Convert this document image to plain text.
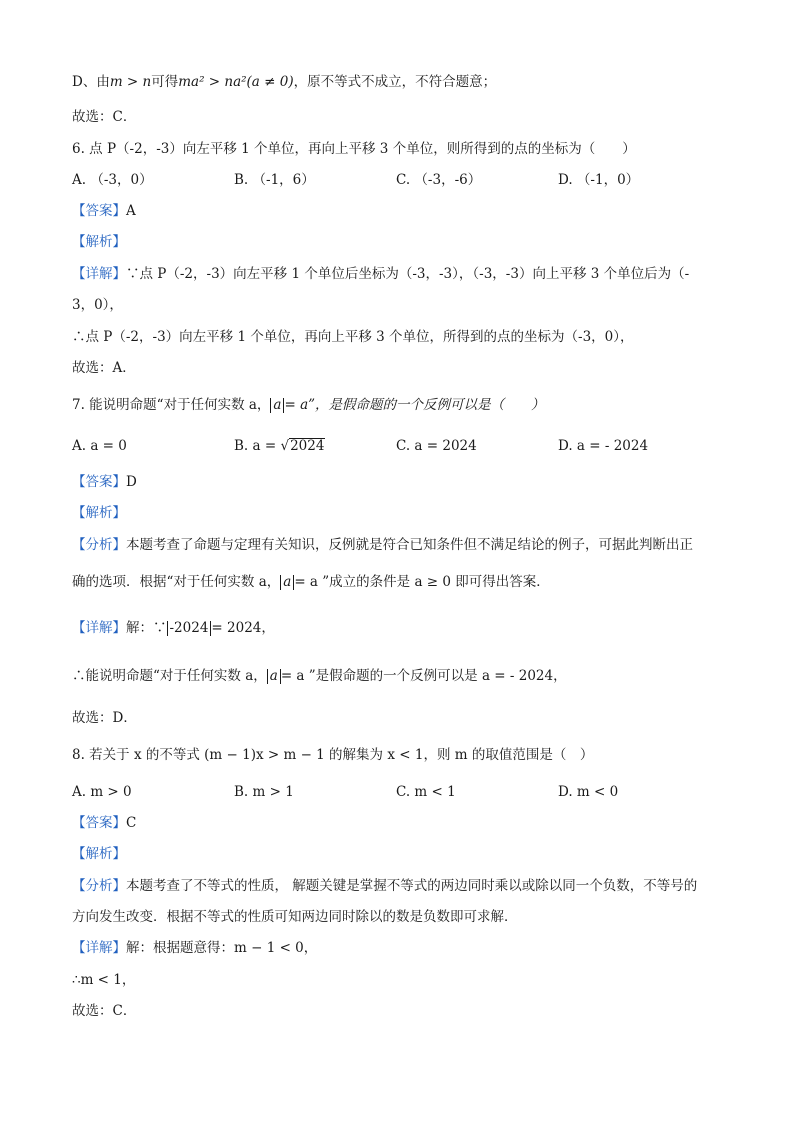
D、由m > n可得ma² > na²(a ≠ 0)，原不等式不成立，不符合题意；
故选：C．
6. 点 P（-2，-3）向左平移 1 个单位，再向上平移 3 个单位，则所得到的点的坐标为（　　）
A. （-3，0）	B. （-1，6）	C. （-3，-6）	D. （-1，0）
【答案】A
【解析】
【详解】∵点 P（-2，-3）向左平移 1 个单位后坐标为（-3，-3），（-3，-3）向上平移 3 个单位后为（-
3，0），
∴点 P（-2，-3）向左平移 1 个单位，再向上平移 3 个单位，所得到的点的坐标为（-3，0），
故选：A．
7. 能说明命题“对于任何实数 a， a = a”，是假命题的一个反例可以是（　　）
A. a = 0	B. a = √2024	C. a = 2024	D. a = - 2024
【答案】D
【解析】
【分析】本题考查了命题与定理有关知识，反例就是符合已知条件但不满足结论的例子，可据此判断出正
确的选项．根据“对于任何实数 a， a = a ”成立的条件是 a ≥ 0 即可得出答案．
【详解】解：∵ -2024 = 2024，
∴能说明命题“对于任何实数 a， a = a ”是假命题的一个反例可以是 a = - 2024，
故选：D．
8. 若关于 x 的不等式 (m − 1)x > m − 1 的解集为 x < 1，则 m 的取值范围是（　）
A. m > 0	B. m > 1	C. m < 1	D. m < 0
【答案】C
【解析】
【分析】本题考查了不等式的性质， 解题关键是掌握不等式的两边同时乘以或除以同一个负数，不等号的
方向发生改变．根据不等式的性质可知两边同时除以的数是负数即可求解．
【详解】解：根据题意得：m − 1 < 0，
∴m < 1，
故选：C．
